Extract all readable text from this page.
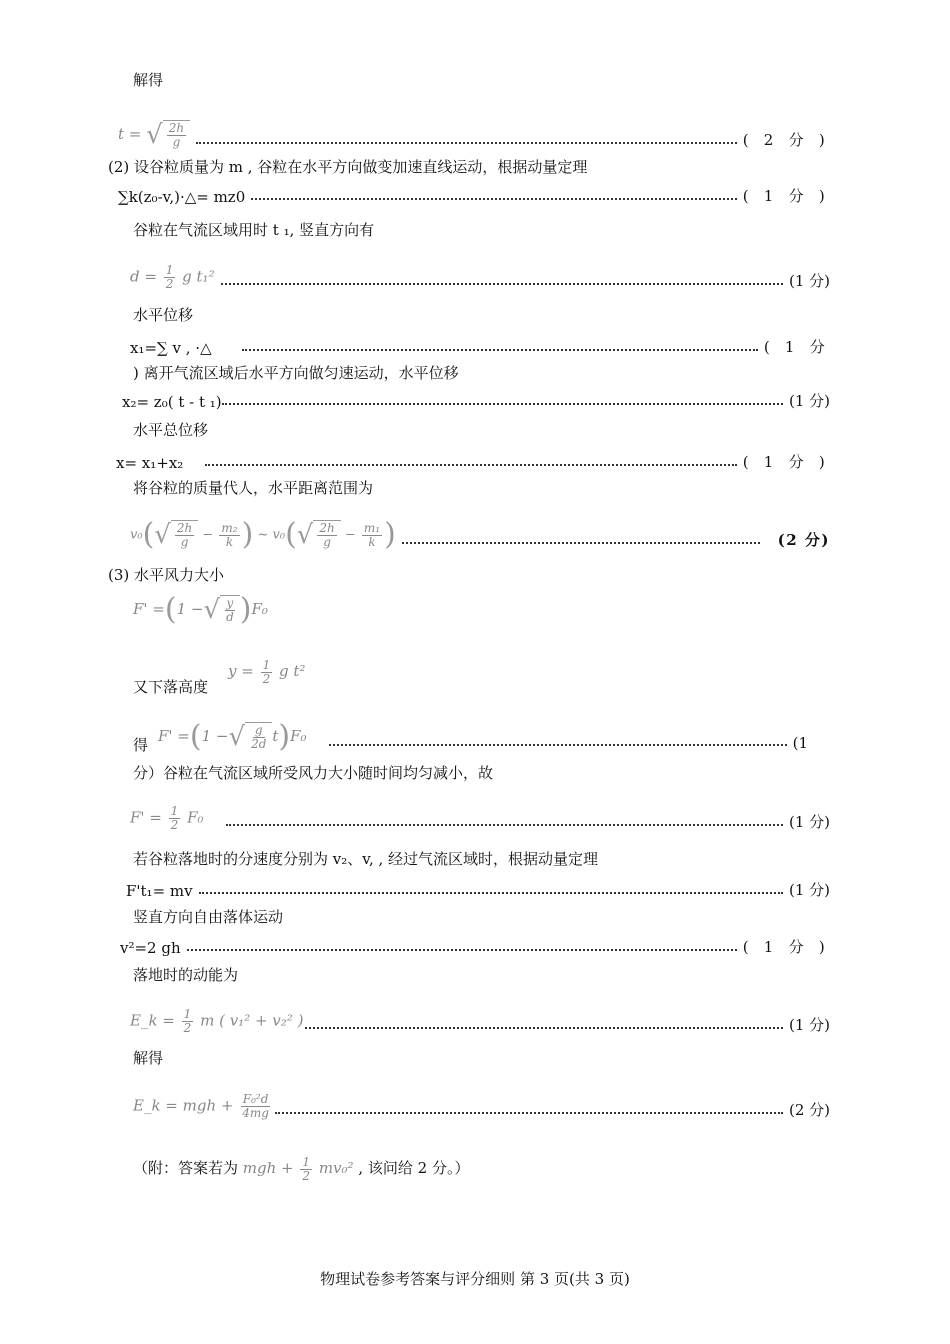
解得
t = √ $\frac{2h}{g}$	( 2 分 )
(2) 设谷粒质量为 m , 谷粒在水平方向做变加速直线运动，根据动量定理
∑k(z₀-v,)·△= mz0	( 1 分 )
谷粒在气流区域用时 t ₁, 竖直方向有
$d = \frac{1}{2}$ g t₁²	(1 分)
水平位移
x₁=∑ v , ·△	( 1 分
) 离开气流区域后水平方向做匀速运动，水平位移
x₂= z₀( t - t ₁)	(1 分)
水平总位移
x= x₁+x₂	( 1 分 )
将谷粒的质量代人，水平距离范围为
v₀( √ $\frac{2h}{g} - \frac{\text{m₂}}{k}$ ) ~ v₀( √ $\frac{2h}{g} - \frac{\text{m₁}}{k}$ )	(2 分)
(3) 水平风力大小
F' =(1 − √ $\frac{y}{d} )F_0$
又下落高度
$y = \frac{1}{2}$ g t²
得 F' =(1 − √ $\frac{g}{2d} t)F_0$	(1
分）谷粒在气流区域所受风力大小随时间均匀减小，故
$F' = \frac{1}{2} F_0$	(1 分)
若谷粒落地时的分速度分别为 v₂、v, , 经过气流区域时，根据动量定理
F't₁= mv	(1 分)
竖直方向自由落体运动
v²=2 gh	( 1 分 )
落地时的动能为
E_k = $\frac{1}{2}$ m ( v₁² + v₂² )	(1 分)
解得
E_k = mgh + $\frac{\text{F₀²d}}{4mg}$	(2 分)
（附：答案若为 mgh + $\frac{1}{2} mv_0^2$ , 该问给 2 分。）
物理试卷参考答案与评分细则 第 3 页(共 3 页)
